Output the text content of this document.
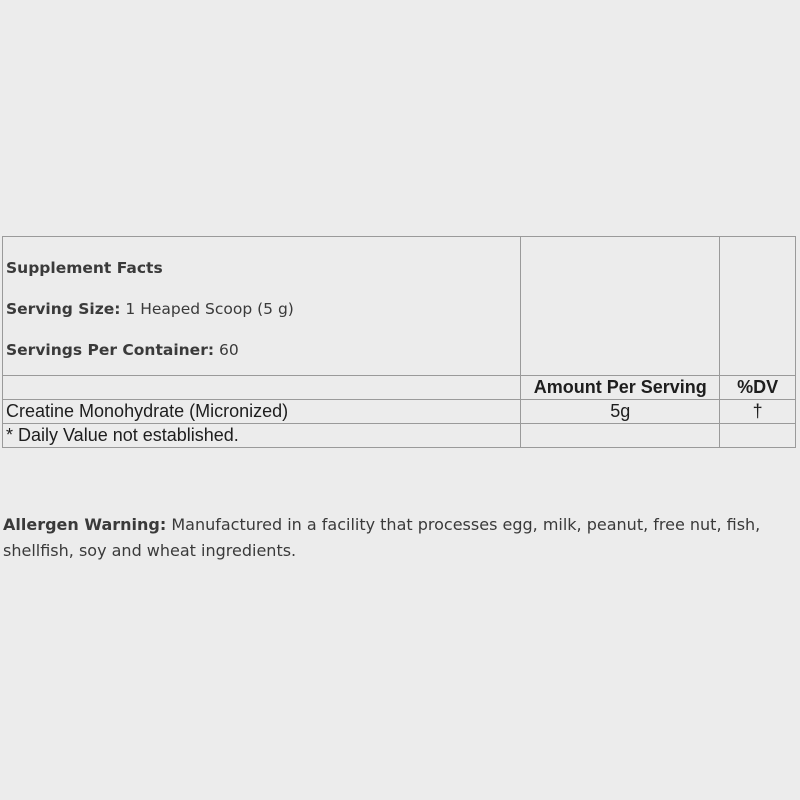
Supplement Facts
Serving Size: 1 Heaped Scoop (5 g)
Servings Per Container: 60		

	Amount Per Serving	%DV
Creatine Monohydrate (Micronized)	5g	†
* Daily Value not established.		
Allergen Warning: Manufactured in a facility that processes egg, milk, peanut, free nut, fish, shellfish, soy and wheat ingredients.
